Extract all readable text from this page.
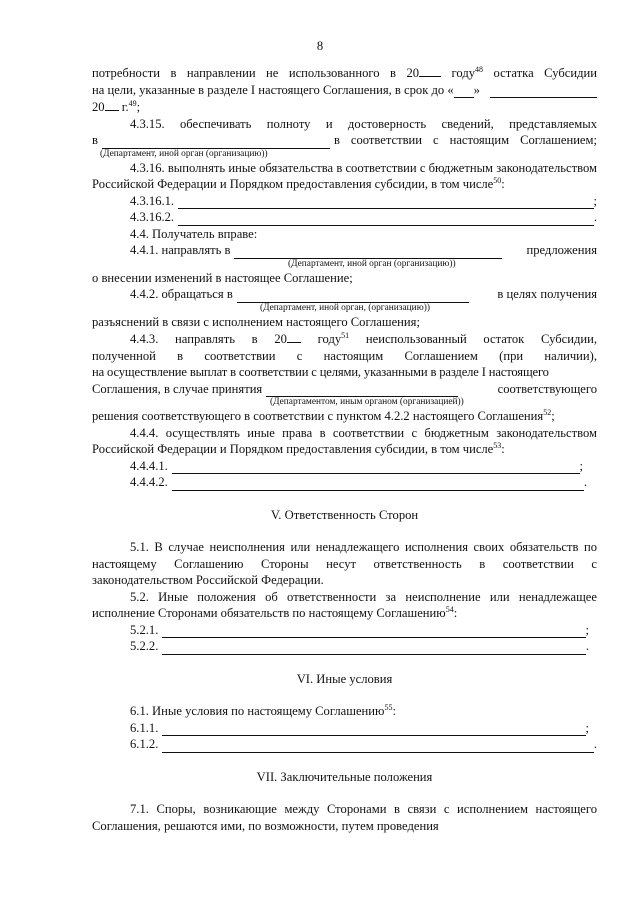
8
потребности в направлении не использованного в 20 году$^{48}$ остатка Субсидии
на цели, указанные в разделе I настоящего Соглашения, в срок до « »
20 г.$^{49}$;
4.3.15. обеспечивать полноту и достоверность сведений, представляемых
в	в соответствии с настоящим Соглашением;
(Департамент, иной орган (организацию))
4.3.16. выполнять иные обязательства в соответствии с бюджетным законодательством Российской Федерации и Порядком предоставления субсидии, в том числе$^{50}$:
4.3.16.1.	;
4.3.16.2.	.
4.4. Получатель вправе:
4.4.1. направлять в	предложения
(Департамент, иной орган (организацию))
о внесении изменений в настоящее Соглашение;
4.4.2. обращаться в	в целях получения
(Департамент, иной орган, (организацию))
разъяснений в связи с исполнением настоящего Соглашения;
4.4.3. направлять в 20 году$^{51}$ неиспользованный остаток Субсидии,
полученной в соответствии с настоящим Соглашением (при наличии),
на осуществление выплат в соответствии с целями, указанными в разделе I настоящего
Соглашения, в случае принятия	соответствующего
(Департаментом, иным органом (организацией))
решения соответствующего в соответствии с пунктом 4.2.2 настоящего Соглашения$^{52}$;
4.4.4. осуществлять иные права в соответствии с бюджетным законодательством Российской Федерации и Порядком предоставления субсидии, в том числе$^{53}$:
4.4.4.1.	;
4.4.4.2.	.
V. Ответственность Сторон
5.1. В случае неисполнения или ненадлежащего исполнения своих обязательств по настоящему Соглашению Стороны несут ответственность в соответствии с законодательством Российской Федерации.
5.2. Иные положения об ответственности за неисполнение или ненадлежащее исполнение Сторонами обязательств по настоящему Соглашению$^{54}$:
5.2.1.	;
5.2.2.	.
VI. Иные условия
6.1. Иные условия по настоящему Соглашению$^{55}$:
6.1.1.	;
6.1.2.	.
VII. Заключительные положения
7.1. Споры, возникающие между Сторонами в связи с исполнением настоящего Соглашения, решаются ими, по возможности, путем проведения
